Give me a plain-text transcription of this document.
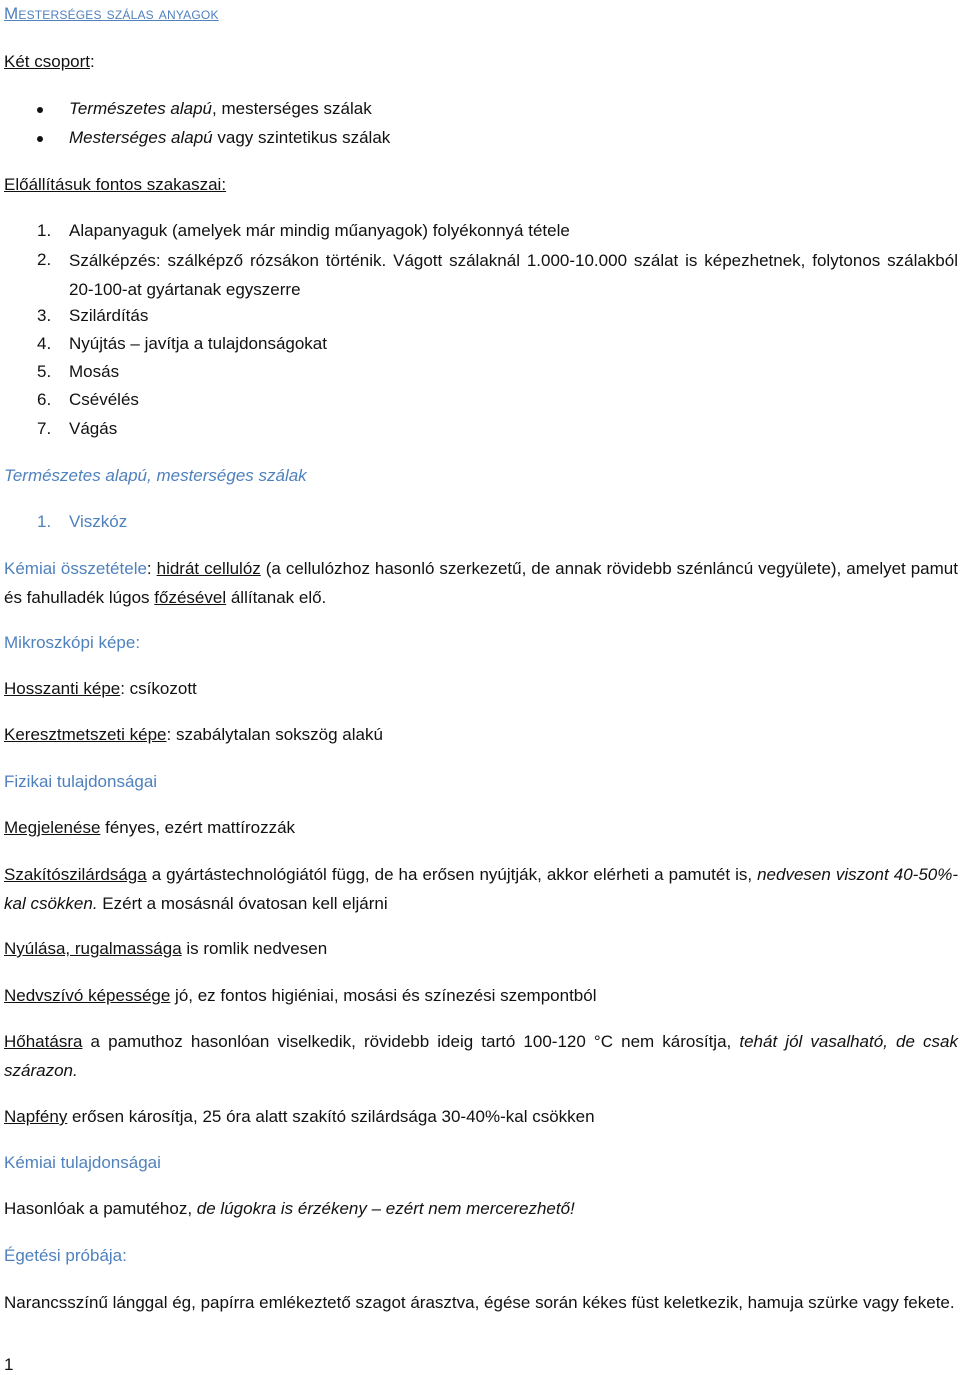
Mesterséges szálas anyagok
Két csoport:
Természetes alapú, mesterséges szálak
Mesterséges alapú vagy szintetikus szálak
Előállításuk fontos szakaszai:
1. Alapanyaguk (amelyek már mindig műanyagok) folyékonnyá tétele
2. Szálképzés: szálképző rózsákon történik. Vágott szálaknál 1.000-10.000 szálat is képezhetnek, folytonos szálakból 20-100-at gyártanak egyszerre
3. Szilárdítás
4. Nyújtás – javítja a tulajdonságokat
5. Mosás
6. Csévélés
7. Vágás
Természetes alapú, mesterséges szálak
1. Viszkóz
Kémiai összetétele: hidrát cellulóz (a cellulózhoz hasonló szerkezetű, de annak rövidebb szénláncú vegyülete), amelyet pamut és fahulladék lúgos főzésével állítanak elő.
Mikroszkópi képe:
Hosszanti képe: csíkozott
Keresztmetszeti képe: szabálytalan sokszög alakú
Fizikai tulajdonságai
Megjelenése fényes, ezért mattírozzák
Szakítószilárdsága a gyártástechnológiától függ, de ha erősen nyújtják, akkor elérheti a pamutét is, nedvesen viszont 40-50%-kal csökken. Ezért a mosásnál óvatosan kell eljárni
Nyúlása, rugalmassága is romlik nedvesen
Nedvszívó képessége jó, ez fontos higiéniai, mosási és színezési szempontból
Hőhatásra a pamuthoz hasonlóan viselkedik, rövidebb ideig tartó 100-120 °C nem károsítja, tehát jól vasalható, de csak szárazon.
Napfény erősen károsítja, 25 óra alatt szakító szilárdsága 30-40%-kal csökken
Kémiai tulajdonságai
Hasonlóak a pamutéhoz, de lúgokra is érzékeny – ezért nem mercerezhető!
Égetési próbája:
Narancsszínű lánggal ég, papírra emlékeztető szagot árasztva, égése során kékes füst keletkezik, hamuja szürke vagy fekete.
1
